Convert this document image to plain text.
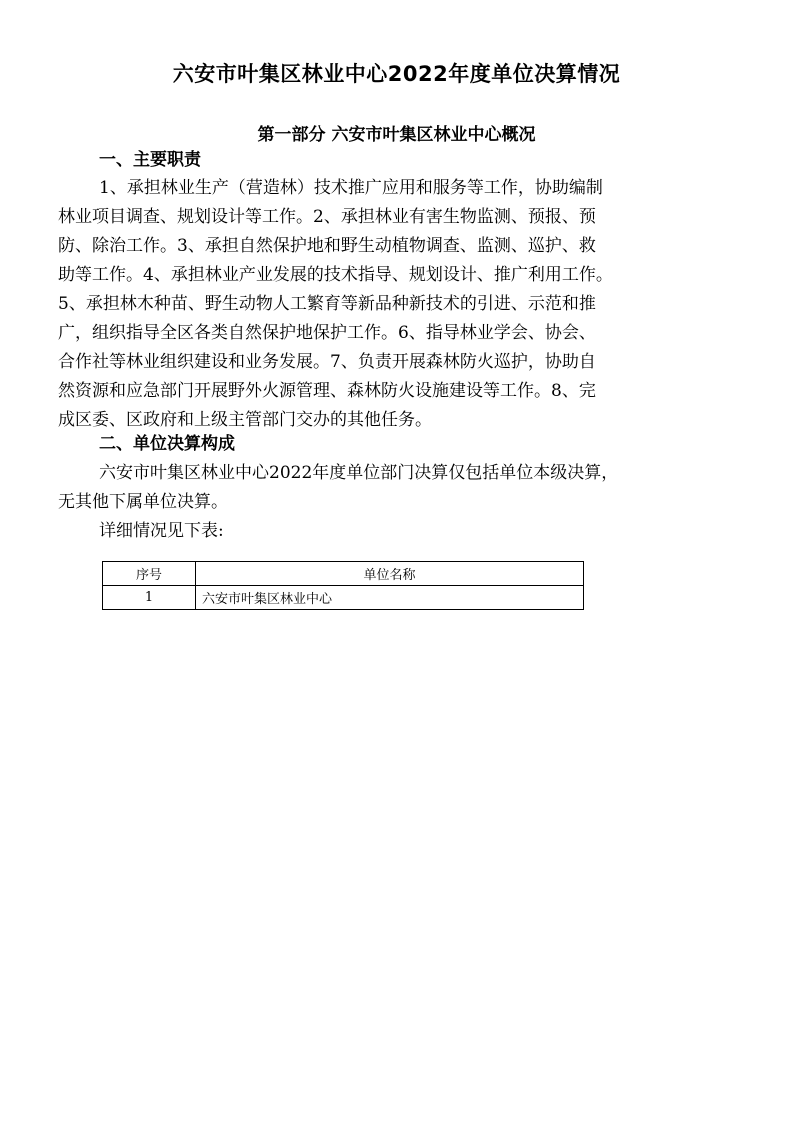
六安市叶集区林业中心2022年度单位决算情况
第一部分 六安市叶集区林业中心概况
一、主要职责
1、承担林业生产（营造林）技术推广应用和服务等工作，协助编制
林业项目调查、规划设计等工作。2、承担林业有害生物监测、预报、预
防、除治工作。3、承担自然保护地和野生动植物调查、监测、巡护、救
助等工作。4、承担林业产业发展的技术指导、规划设计、推广利用工作。
5、承担林木种苗、野生动物人工繁育等新品种新技术的引进、示范和推
广，组织指导全区各类自然保护地保护工作。6、指导林业学会、协会、
合作社等林业组织建设和业务发展。7、负责开展森林防火巡护，协助自
然资源和应急部门开展野外火源管理、森林防火设施建设等工作。8、完
成区委、区政府和上级主管部门交办的其他任务。
二、单位决算构成
六安市叶集区林业中心2022年度单位部门决算仅包括单位本级决算，
无其他下属单位决算。
详细情况见下表:
序号	单位名称
1	六安市叶集区林业中心
